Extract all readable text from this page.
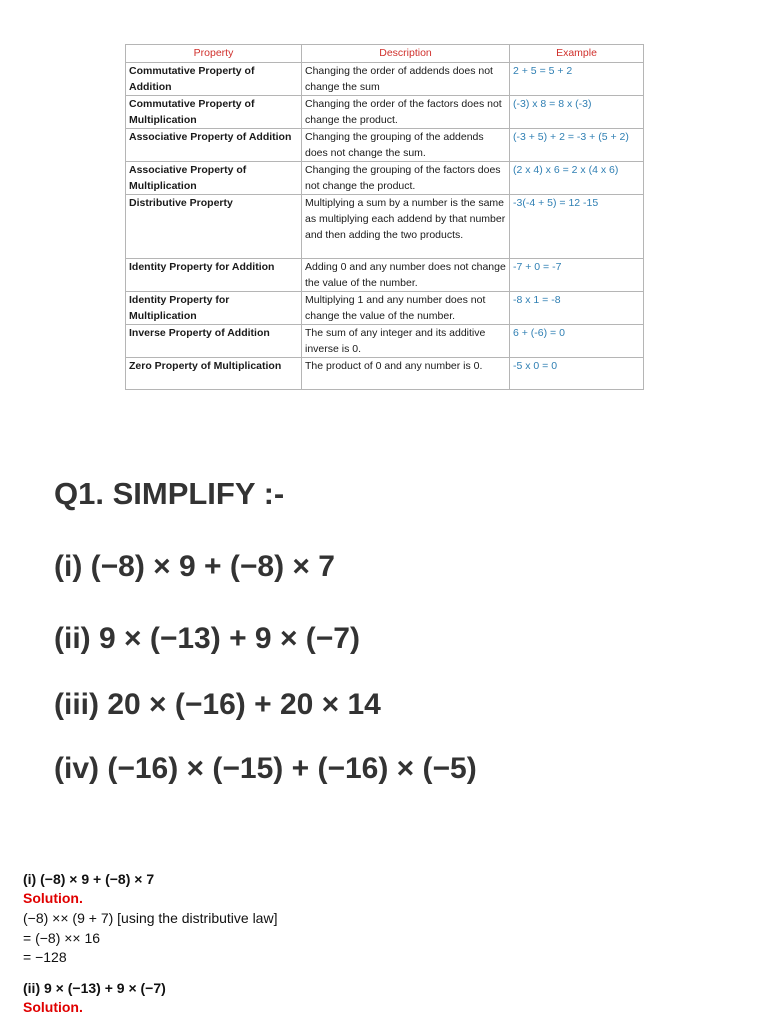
Property	Description	Example
Commutative Property of Addition	Changing the order of addends does not change the sum	2 + 5 = 5 + 2
Commutative Property of Multiplication	Changing the order of the factors does not change the product.	(-3) x 8 = 8 x (-3)
Associative Property of Addition	Changing the grouping of the addends does not change the sum.	(-3 + 5) + 2 = -3 + (5 + 2)
Associative Property of Multiplication	Changing the grouping of the factors does not change the product.	(2 x 4) x 6 = 2 x (4 x 6)
Distributive Property	Multiplying a sum by a number is the same as multiplying each addend by that number and then adding the two products.	-3(-4 + 5) = 12 -15
Identity Property for Addition	Adding 0 and any number does not change the value of the number.	-7 + 0 = -7
Identity Property for Multiplication	Multiplying 1 and any number does not change the value of the number.	-8 x 1 = -8
Inverse Property of Addition	The sum of any integer and its additive inverse is 0.	6 + (-6) = 0
Zero Property of Multiplication	The product of 0 and any number is 0.	-5 x 0 = 0
Q1. SIMPLIFY :-

(i) (−8) × 9 + (−8) × 7

(ii) 9 × (−13) + 9 × (−7)

(iii) 20 × (−16) + 20 × 14

(iv) (−16) × (−15) + (−16) × (−5)

(i) (−8) × 9 + (−8) × 7

Solution.

(−8) ×× (9 + 7) [using the distributive law]

= (−8) ×× 16

= −128

(ii) 9 × (−13) + 9 × (−7)

Solution.
